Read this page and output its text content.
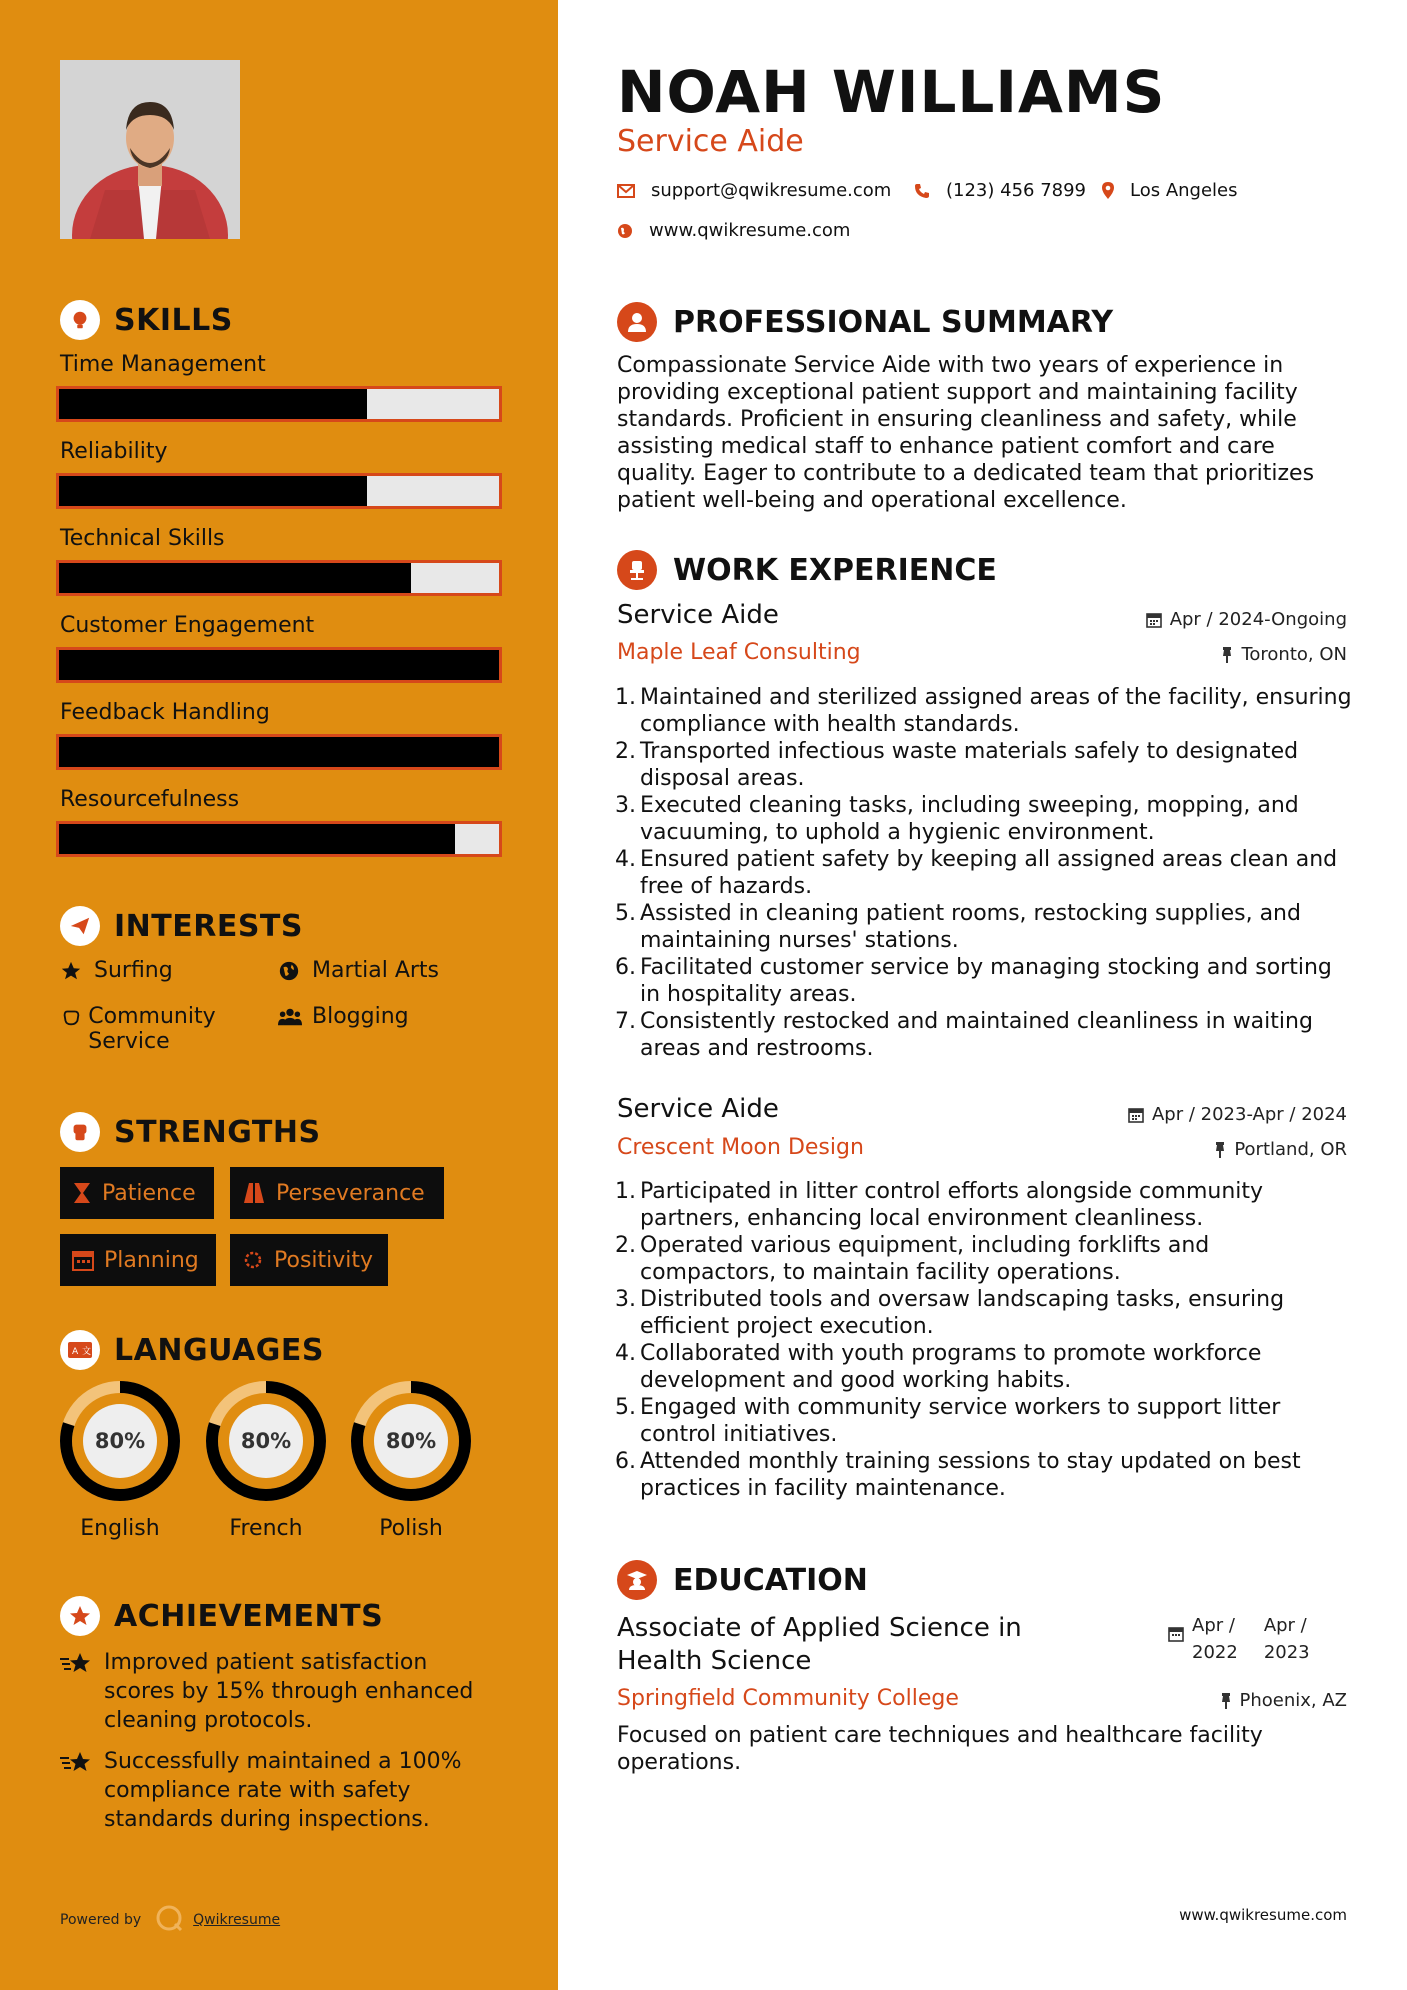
SKILLS
Time Management
Reliability
Technical Skills
Customer Engagement
Feedback Handling
Resourcefulness
INTERESTS
Surfing	Martial Arts
Community Service
Blogging
STRENGTHS
Patience	Perseverance
Planning	Positivity
A 文 LANGUAGES
80%
English
80%
French
80%
Polish
ACHIEVEMENTS
Improved patient satisfaction scores by 15% through enhanced cleaning protocols.
Successfully maintained a 100% compliance rate with safety standards during inspections.
Powered by	Qwikresume
NOAH WILLIAMS
Service Aide
support@qwikresume.com	(123) 456 7899 Los Angeles
www.qwikresume.com
PROFESSIONAL SUMMARY
Compassionate Service Aide with two years of experience in providing exceptional patient support and maintaining facility standards. Proficient in ensuring cleanliness and safety, while assisting medical staff to enhance patient comfort and care quality. Eager to contribute to a dedicated team that prioritizes patient well-being and operational excellence.
WORK EXPERIENCE
Service Aide	Apr / 2024-Ongoing
Maple Leaf Consulting	Toronto, ON
1. Maintained and sterilized assigned areas of the facility, ensuring compliance with health standards.
2. Transported infectious waste materials safely to designated disposal areas.
3. Executed cleaning tasks, including sweeping, mopping, and vacuuming, to uphold a hygienic environment.
4. Ensured patient safety by keeping all assigned areas clean and free of hazards.
5. Assisted in cleaning patient rooms, restocking supplies, and maintaining nurses' stations.
6. Facilitated customer service by managing stocking and sorting in hospitality areas.
7. Consistently restocked and maintained cleanliness in waiting areas and restrooms.
Service Aide	Apr / 2023-Apr / 2024
Crescent Moon Design	Portland, OR
1. Participated in litter control efforts alongside community partners, enhancing local environment cleanliness.
2. Operated various equipment, including forklifts and compactors, to maintain facility operations.
3. Distributed tools and oversaw landscaping tasks, ensuring efficient project execution.
4. Collaborated with youth programs to promote workforce development and good working habits.
5. Engaged with community service workers to support litter control initiatives.
6. Attended monthly training sessions to stay updated on best practices in facility maintenance.
EDUCATION
Associate of Applied Science in Health Science
Apr /
2022
Apr /
2023
Springfield Community College	Phoenix, AZ
Focused on patient care techniques and healthcare facility operations.
www.qwikresume.com
